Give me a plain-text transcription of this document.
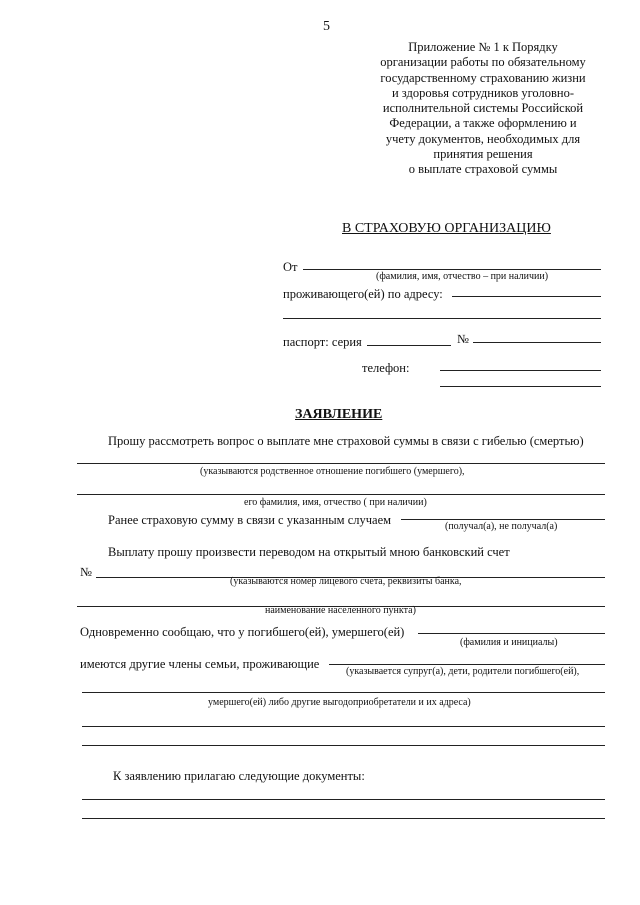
5
Приложение № 1 к Порядку
организации работы по обязательному
государственному страхованию жизни
и здоровья сотрудников уголовно-
исполнительной системы Российской
Федерации, а также оформлению и
учету документов, необходимых для
принятия решения
о выплате страховой суммы
В СТРАХОВУЮ ОРГАНИЗАЦИЮ
От
(фамилия, имя, отчество – при наличии)
проживающего(ей) по адресу:
паспорт: серия	№
телефон:
ЗАЯВЛЕНИЕ
Прошу рассмотреть вопрос о выплате мне страховой суммы в связи с гибелью (смертью)
(указываются родственное отношение погибшего (умершего),
его фамилия, имя, отчество ( при наличии)
Ранее страховую сумму в связи с указанным случаем	(получал(а), не получал(а)
Выплату прошу произвести переводом на открытый мною банковский счет
№
(указываются номер лицевого счета, реквизиты банка,
наименование населенного пункта)
Одновременно сообщаю, что у погибшего(ей), умершего(ей)
(фамилия и инициалы)
имеются другие члены семьи, проживающие
(указывается супруг(а), дети, родители погибшего(ей),
умершего(ей) либо другие выгодоприобретатели и их адреса)
К заявлению прилагаю следующие документы:
